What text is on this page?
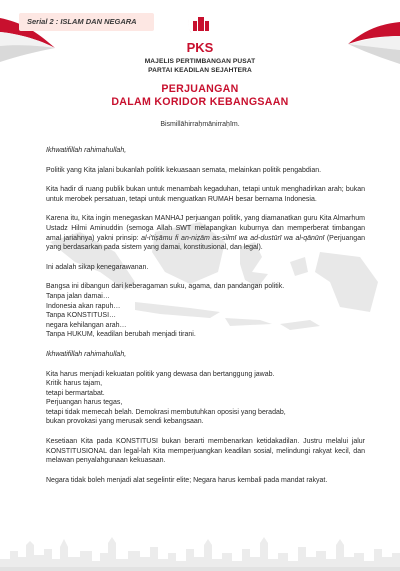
Serial 2 : ISLAM DAN NEGARA
PKS
MAJELIS PERTIMBANGAN PUSAT
PARTAI KEADILAN SEJAHTERA
PERJUANGAN
DALAM KORIDOR KEBANGSAAN
Bismillāhirraḥmānirraḥīm.

Ikhwatifillah rahimahullah,

Politik yang Kita jalani bukanlah politik kekuasaan semata, melainkan politik pengabdian.

Kita hadir di ruang publik bukan untuk menambah kegaduhan, tetapi untuk menghadirkan arah; bukan untuk merobek persatuan, tetapi untuk menguatkan RUMAH besar bernama Indonesia.

Karena itu, Kita ingin menegaskan MANHAJ perjuangan politik, yang diamanatkan guru Kita Almarhum Ustadz Hilmi Aminuddin (semoga Allah SWT melapangkan kuburnya dan memperberat timbangan amal jariahnya) yakni prinsip: al-i'tiṣāmu fi an-niẓām as-silmī wa ad-dustūrī wa al-qānūnī (Perjuangan yang berdasarkan pada sistem yang damai, konstitusional, dan legal).

Ini adalah sikap kenegarawanan.

Bangsa ini dibangun dari keberagaman suku, agama, dan pandangan politik.
Tanpa jalan damai…
Indonesia akan rapuh…
Tanpa KONSTITUSI…
negara kehilangan arah…
Tanpa HUKUM, keadilan berubah menjadi tirani.

Ikhwatifillah rahimahullah,

Kita harus menjadi kekuatan politik yang dewasa dan bertanggung jawab.
Kritik harus tajam,
tetapi bermartabat.
Perjuangan harus tegas,
tetapi tidak memecah belah. Demokrasi membutuhkan oposisi yang beradab,
bukan provokasi yang merusak sendi kebangsaan.

Kesetiaan Kita pada KONSTITUSI bukan berarti membenarkan ketidakadilan. Justru melalui jalur KONSTITUSIONAL dan legal-lah Kita memperjuangkan keadilan sosial, melindungi rakyat kecil, dan melawan penyalahgunaan kekuasaan.

Negara tidak boleh menjadi alat segelintir elite; Negara harus kembali pada mandat rakyat.
